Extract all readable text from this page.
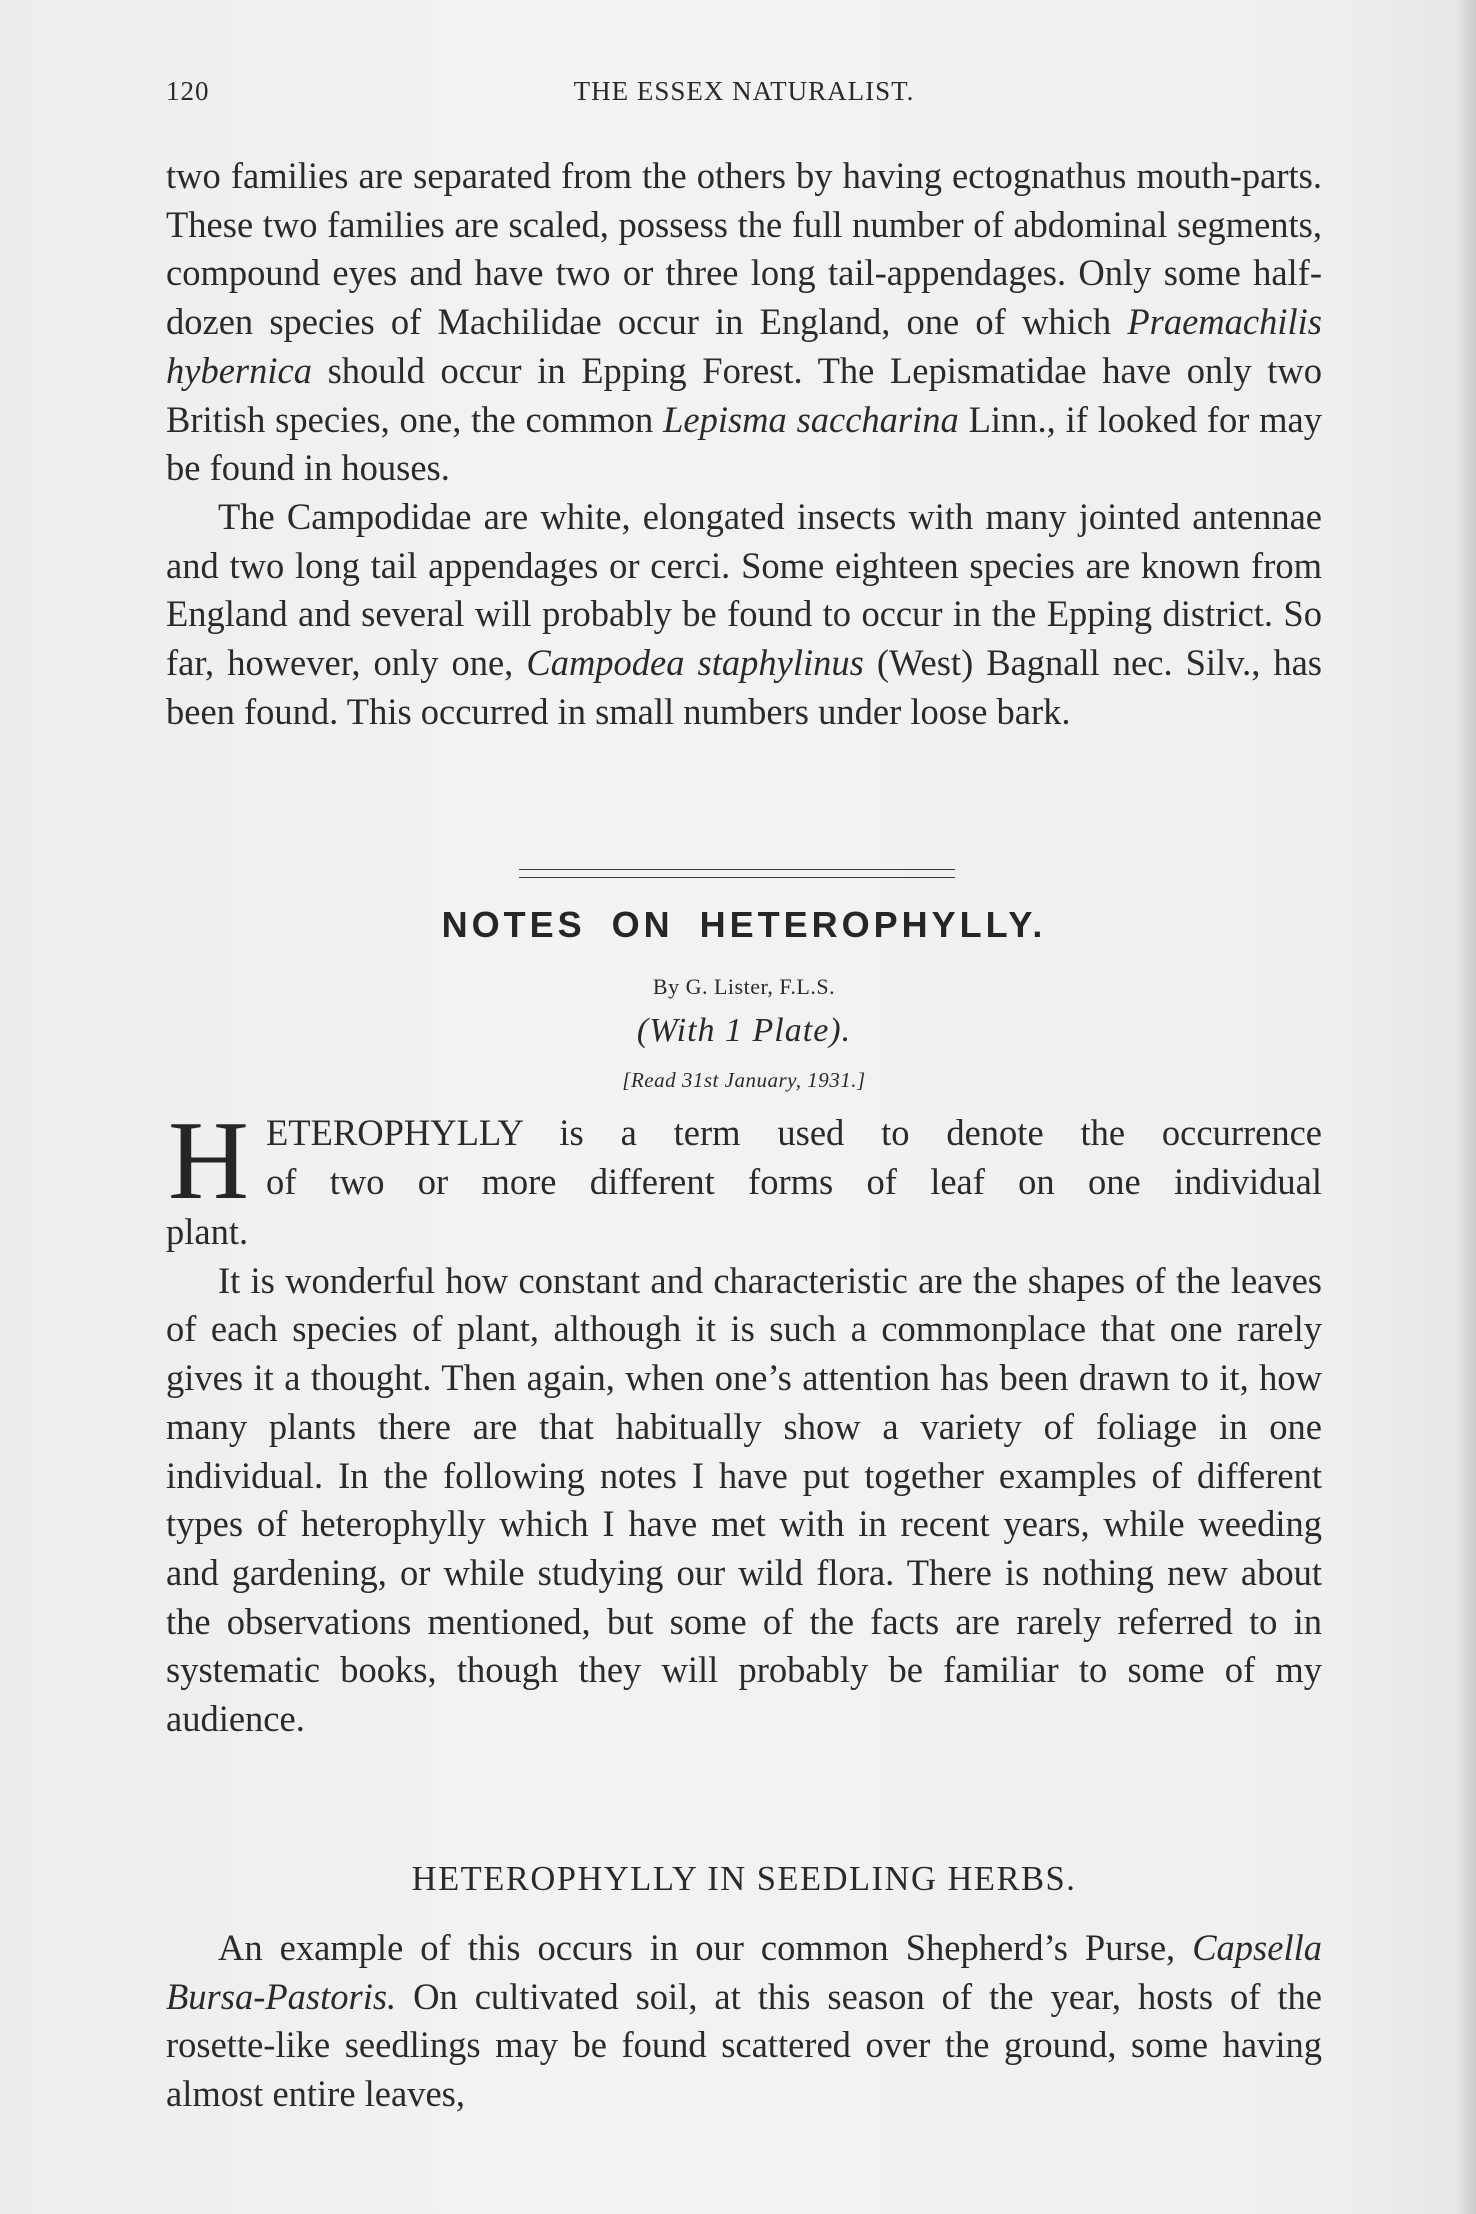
120	THE ESSEX NATURALIST.

two families are separated from the others by having ectognathus mouth-parts. These two families are scaled, possess the full number of abdominal segments, compound eyes and have two or three long tail-appendages. Only some half-dozen species of Machilidae occur in England, one of which Praemachilis hybernica should occur in Epping Forest. The Lepismatidae have only two British species, one, the common Lepisma saccharina Linn., if looked for may be found in houses.

The Campodidae are white, elongated insects with many jointed antennae and two long tail appendages or cerci. Some eighteen species are known from England and several will probably be found to occur in the Epping district. So far, however, only one, Campodea staphylinus (West) Bagnall nec. Silv., has been found. This occurred in small numbers under loose bark.

NOTES ON HETEROPHYLLY.
By G. Lister, F.L.S.
(With 1 Plate).
[Read 31st January, 1931.]
H ETEROPHYLLY is a term used to denote the occurrence
of two or more different forms of leaf on one individual

plant.

It is wonderful how constant and characteristic are the shapes of the leaves of each species of plant, although it is such a commonplace that one rarely gives it a thought. Then again, when one’s attention has been drawn to it, how many plants there are that habitually show a variety of foliage in one individual. In the following notes I have put together examples of different types of heterophylly which I have met with in recent years, while weeding and gardening, or while studying our wild flora. There is nothing new about the observations mentioned, but some of the facts are rarely referred to in systematic books, though they will probably be familiar to some of my audience.

HETEROPHYLLY IN SEEDLING HERBS.

An example of this occurs in our common Shepherd’s Purse, Capsella Bursa-Pastoris. On cultivated soil, at this season of the year, hosts of the rosette-like seedlings may be found scattered over the ground, some having almost entire leaves,
